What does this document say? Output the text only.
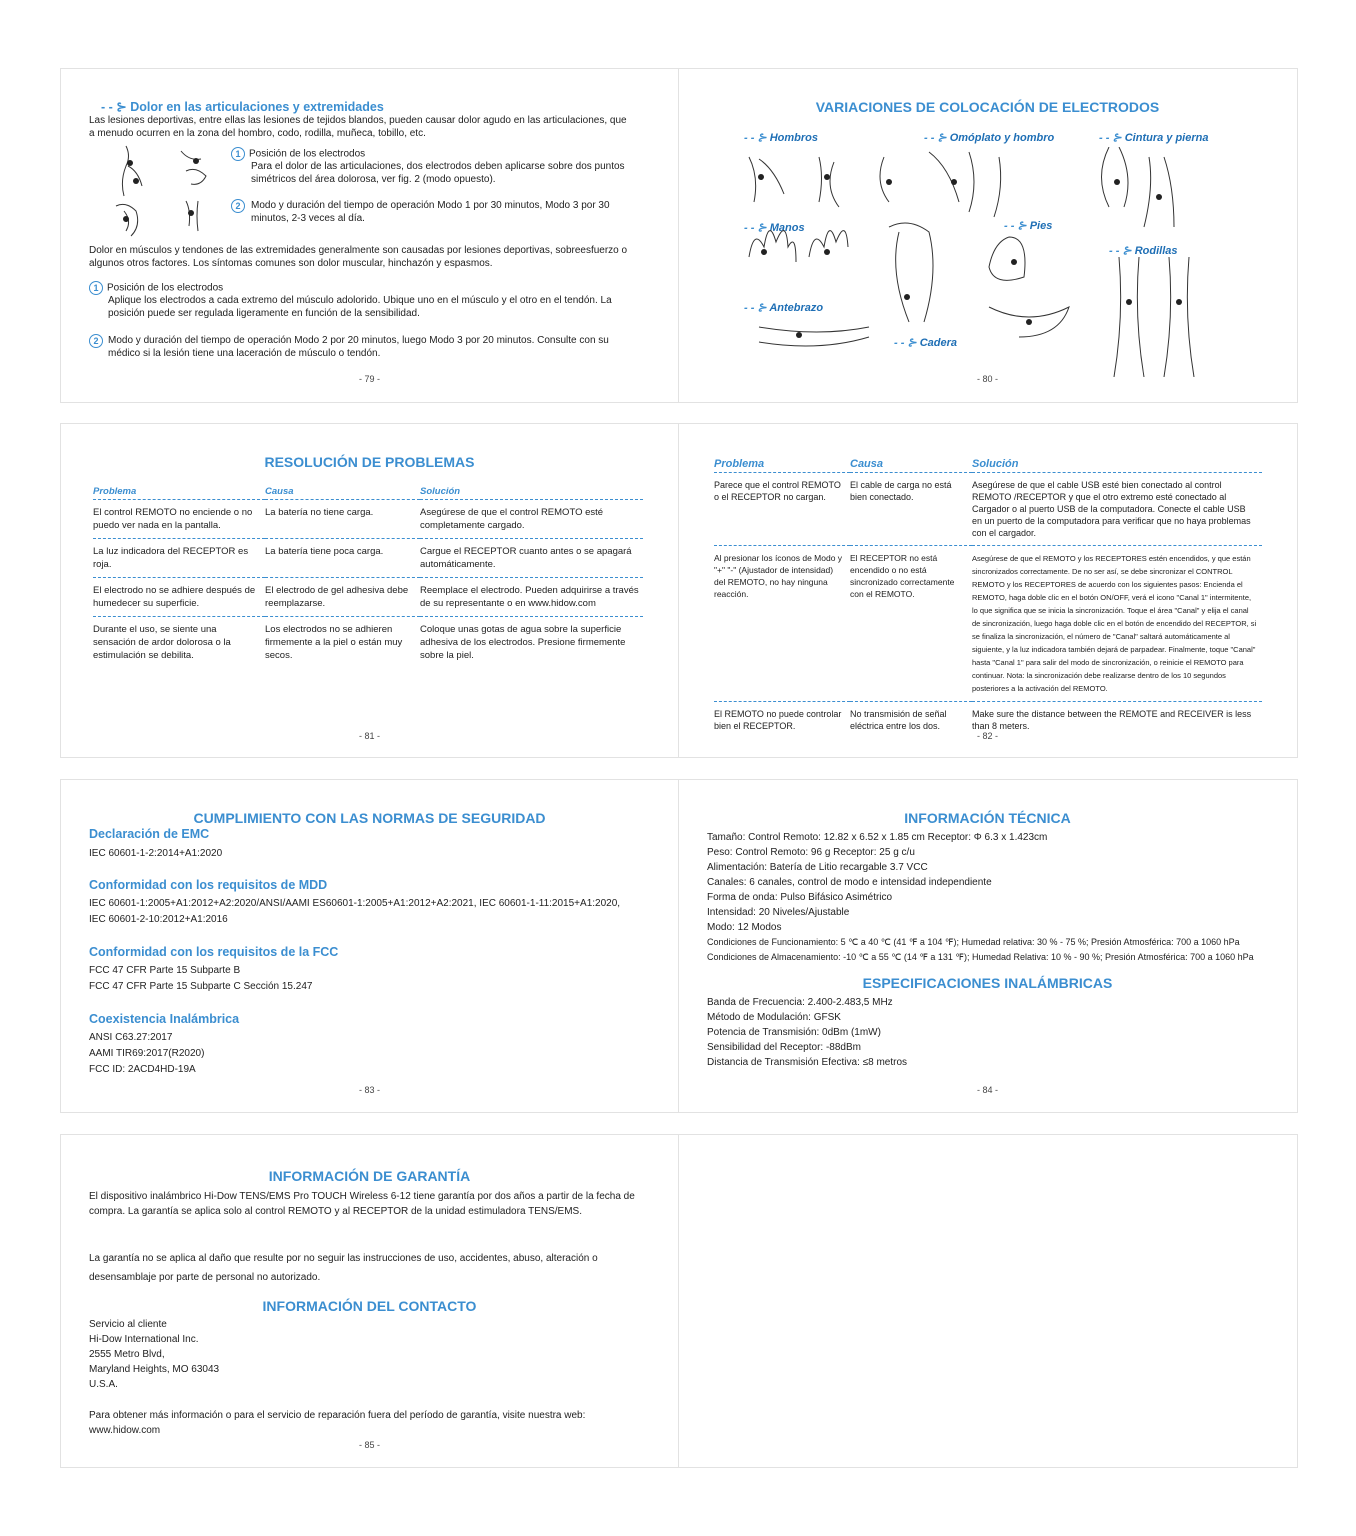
- - ⊱ Dolor en las articulaciones y extremidades
Las lesiones deportivas, entre ellas las lesiones de tejidos blandos, pueden causar dolor agudo en las articulaciones, que a menudo ocurren en la zona del hombro, codo, rodilla, muñeca, tobillo, etc.
1 Posición de los electrodos
Para el dolor de las articulaciones, dos electrodos deben aplicarse sobre dos puntos simétricos del área dolorosa, ver fig. 2 (modo opuesto).
2	Modo y duración del tiempo de operación Modo 1 por 30 minutos, Modo 3 por 30 minutos, 2-3 veces al día.
Dolor en músculos y tendones de las extremidades generalmente son causadas por lesiones deportivas, sobreesfuerzo o algunos otros factores. Los síntomas comunes son dolor muscular, hinchazón y espasmos.
1 Posición de los electrodos
Aplique los electrodos a cada extremo del músculo adolorido. Ubique uno en el músculo y el otro en el tendón. La posición puede ser regulada ligeramente en función de la sensibilidad.
2 Modo y duración del tiempo de operación Modo 2 por 20 minutos, luego Modo 3 por 20 minutos. Consulte con su médico si la lesión tiene una laceración de músculo o tendón.
- 79 -
VARIACIONES DE COLOCACIÓN DE ELECTRODOS
- - ⊱ Hombros	- - ⊱ Omóplato y hombro	- - ⊱ Cintura y pierna
- - ⊱ Manos	- - ⊱ Pies
- - ⊱ Rodillas
- - ⊱ Antebrazo
- - ⊱ Cadera
- 80 -
RESOLUCIÓN DE PROBLEMAS
Problema	Causa	Solución
El control REMOTO no enciende o no puedo ver nada en la pantalla.	La batería no tiene carga.	Asegúrese de que el control REMOTO esté completamente cargado.
La luz indicadora del RECEPTOR es roja.	La batería tiene poca carga.	Cargue el RECEPTOR cuanto antes o se apagará automáticamente.
El electrodo no se adhiere después de humedecer su superficie.	El electrodo de gel adhesiva debe reemplazarse.	Reemplace el electrodo. Pueden adquirirse a través de su representante o en www.hidow.com
Durante el uso, se siente una sensación de ardor dolorosa o la estimulación se debilita.	Los electrodos no se adhieren firmemente a la piel o están muy secos.	Coloque unas gotas de agua sobre la superficie adhesiva de los electrodos. Presione firmemente sobre la piel.
- 81 -
Problema	Causa	Solución
Parece que el control REMOTO o el RECEPTOR no cargan.	El cable de carga no está bien conectado.	Asegúrese de que el cable USB esté bien conectado al control REMOTO /RECEPTOR y que el otro extremo esté conectado al Cargador o al puerto USB de la computadora. Conecte el cable USB en un puerto de la computadora para verificar que no haya problemas con el cargador.
Al presionar los íconos de Modo y "+" "-" (Ajustador de intensidad) del REMOTO, no hay ninguna reacción.	El RECEPTOR no está encendido o no está sincronizado correctamente con el REMOTO.	Asegúrese de que el REMOTO y los RECEPTORES estén encendidos, y que están sincronizados correctamente. De no ser así, se debe sincronizar el CONTROL REMOTO y los RECEPTORES de acuerdo con los siguientes pasos: Encienda el REMOTO, haga doble clic en el botón ON/OFF, verá el icono "Canal 1" intermitente, lo que significa que se inicia la sincronización. Toque el área "Canal" y elija el canal de sincronización, luego haga doble clic en el botón de encendido del RECEPTOR, si se finaliza la sincronización, el número de "Canal" saltará automáticamente al siguiente, y la luz indicadora también dejará de parpadear. Finalmente, toque "Canal" hasta "Canal 1" para salir del modo de sincronización, o reinicie el REMOTO para continuar. Nota: la sincronización debe realizarse dentro de los 10 segundos posteriores a la activación del REMOTO.
El REMOTO no puede controlar bien el RECEPTOR.	No transmisión de señal eléctrica entre los dos.	Make sure the distance between the REMOTE and RECEIVER is less than 8 meters.
- 82 -
CUMPLIMIENTO CON LAS NORMAS DE SEGURIDAD
Declaración de EMC
IEC 60601-1-2:2014+A1:2020
Conformidad con los requisitos de MDD
IEC 60601-1:2005+A1:2012+A2:2020/ANSI/AAMI ES60601-1:2005+A1:2012+A2:2021, IEC 60601-1-11:2015+A1:2020,
IEC 60601-2-10:2012+A1:2016
Conformidad con los requisitos de la FCC
FCC 47 CFR Parte 15 Subparte B
FCC 47 CFR Parte 15 Subparte C Sección 15.247
Coexistencia Inalámbrica
ANSI C63.27:2017
AAMI TIR69:2017(R2020)
FCC ID: 2ACD4HD-19A
- 83 -
INFORMACIÓN TÉCNICA
Tamaño: Control Remoto: 12.82 x 6.52 x 1.85 cm Receptor: Φ 6.3 x 1.423cm
Peso: Control Remoto: 96 g Receptor: 25 g c/u
Alimentación: Batería de Litio recargable 3.7 VCC
Canales: 6 canales, control de modo e intensidad independiente
Forma de onda: Pulso Bifásico Asimétrico
Intensidad: 20 Niveles/Ajustable
Modo: 12 Modos
Condiciones de Funcionamiento: 5 ℃ a 40 ℃ (41 ℉ a 104 ℉); Humedad relativa: 30 % - 75 %; Presión Atmosférica: 700 a 1060 hPa
Condiciones de Almacenamiento: -10 ℃ a 55 ℃ (14 ℉ a 131 ℉); Humedad Relativa: 10 % - 90 %; Presión Atmosférica: 700 a 1060 hPa
ESPECIFICACIONES INALÁMBRICAS
Banda de Frecuencia: 2.400-2.483,5 MHz
Método de Modulación: GFSK
Potencia de Transmisión: 0dBm (1mW)
Sensibilidad del Receptor: -88dBm
Distancia de Transmisión Efectiva: ≤8 metros
- 84 -
INFORMACIÓN DE GARANTÍA
El dispositivo inalámbrico Hi-Dow TENS/EMS Pro TOUCH Wireless 6-12 tiene garantía por dos años a partir de la fecha de compra. La garantía se aplica solo al control REMOTO y al RECEPTOR de la unidad estimuladora TENS/EMS.
La garantía no se aplica al daño que resulte por no seguir las instrucciones de uso, accidentes, abuso, alteración o desensamblaje por parte de personal no autorizado.
INFORMACIÓN DEL CONTACTO
Servicio al cliente
Hi-Dow International Inc.
2555 Metro Blvd,
Maryland Heights, MO 63043
U.S.A.
Para obtener más información o para el servicio de reparación fuera del período de garantía, visite nuestra web: www.hidow.com
- 85 -
